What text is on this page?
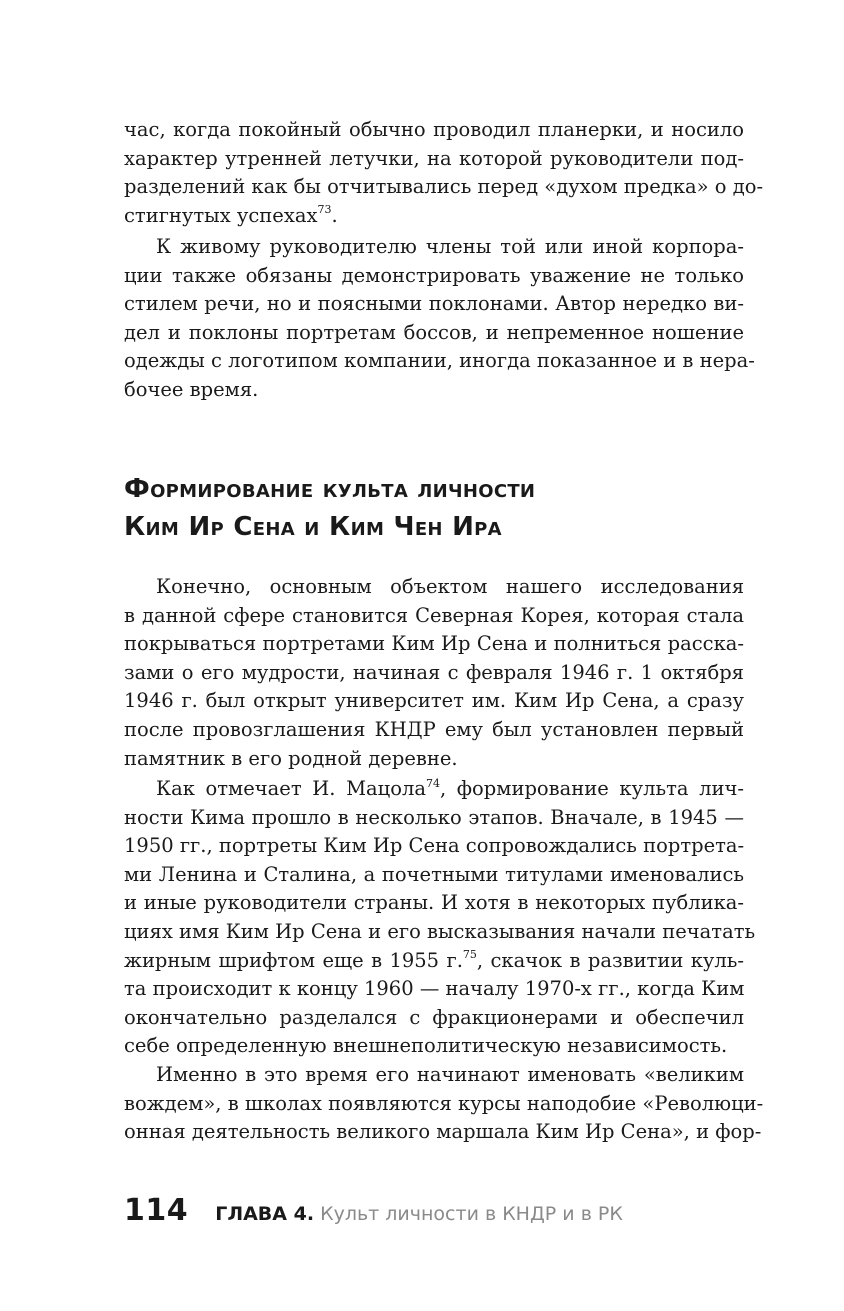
час, когда покойный обычно проводил планерки, и носило
характер утренней летучки, на которой руководители под-
разделений как бы отчитывались перед «духом предка» о до-
стигнутых успехах$^{73}$.
К живому руководителю члены той или иной корпора-
ции также обязаны демонстрировать уважение не только
стилем речи, но и поясными поклонами. Автор нередко ви-
дел и поклоны портретам боссов, и непременное ношение
одежды с логотипом компании, иногда показанное и в нера-
бочее время.
Формирование культа личности
Ким Ир Сена и Ким Чен Ира
Конечно, основным объектом нашего исследования
в данной сфере становится Северная Корея, которая стала
покрываться портретами Ким Ир Сена и полниться расска-
зами о его мудрости, начиная с февраля 1946 г. 1 октября
1946 г. был открыт университет им. Ким Ир Сена, а сразу
после провозглашения КНДР ему был установлен первый
памятник в его родной деревне.
Как отмечает И. Мацола$^{74}$, формирование культа лич-
ности Кима прошло в несколько этапов. Вначале, в 1945 —
1950 гг., портреты Ким Ир Сена сопровождались портрета-
ми Ленина и Сталина, а почетными титулами именовались
и иные руководители страны. И хотя в некоторых публика-
циях имя Ким Ир Сена и его высказывания начали печатать
жирным шрифтом еще в 1955 г.$^{75}$, скачок в развитии куль-
та происходит к концу 1960 — началу 1970-х гг., когда Ким
окончательно разделался с фракционерами и обеспечил
себе определенную внешнеполитическую независимость.
Именно в это время его начинают именовать «великим
вождем», в школах появляются курсы наподобие «Революци-
онная деятельность великого маршала Ким Ир Сена», и фор-
114 ГЛАВА 4. Культ личности в КНДР и в РК
